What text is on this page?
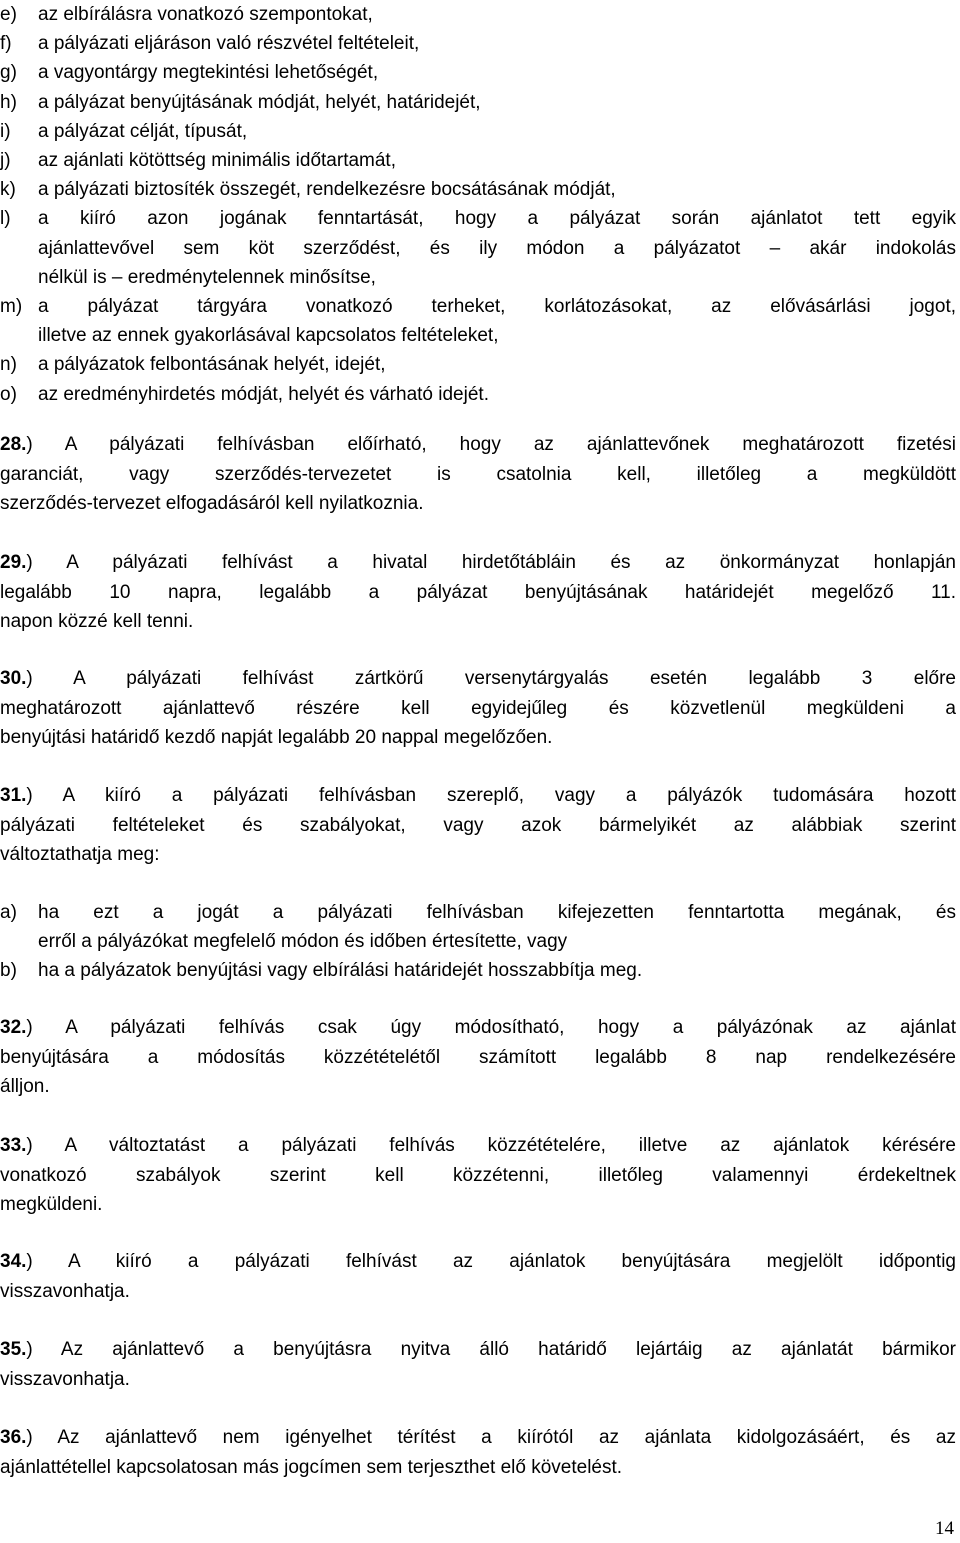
e) az elbírálásra vonatkozó szempontokat,
f) a pályázati eljáráson való részvétel feltételeit,
g) a vagyontárgy megtekintési lehetőségét,
h) a pályázat benyújtásának módját, helyét, határidejét,
i) a pályázat célját, típusát,
j) az ajánlati kötöttség minimális időtartamát,
k) a pályázati biztosíték összegét, rendelkezésre bocsátásának módját,
l) a kiíró azon jogának fenntartását, hogy a pályázat során ajánlatot tett egyik
ajánlattevővel sem köt szerződést, és ily módon a pályázatot – akár indokolás
nélkül is – eredménytelennek minősítse,
m) a pályázat tárgyára vonatkozó terheket, korlátozásokat, az elővásárlási jogot,
illetve az ennek gyakorlásával kapcsolatos feltételeket,
n) a pályázatok felbontásának helyét, idejét,
o) az eredményhirdetés módját, helyét és várható idejét.
28.) A pályázati felhívásban előírható, hogy az ajánlattevőnek meghatározott fizetési
garanciát, vagy szerződés-tervezetet is csatolnia kell, illetőleg a megküldött
szerződés-tervezet elfogadásáról kell nyilatkoznia.
29.) A pályázati felhívást a hivatal hirdetőtábláin és az önkormányzat honlapján
legalább 10 napra, legalább a pályázat benyújtásának határidejét megelőző 11.
napon közzé kell tenni.
30.) A pályázati felhívást zártkörű versenytárgyalás esetén legalább 3 előre
meghatározott ajánlattevő részére kell egyidejűleg és közvetlenül megküldeni a
benyújtási határidő kezdő napját legalább 20 nappal megelőzően.
31.) A kiíró a pályázati felhívásban szereplő, vagy a pályázók tudomására hozott
pályázati feltételeket és szabályokat, vagy azok bármelyikét az alábbiak szerint
változtathatja meg:
a) ha ezt a jogát a pályázati felhívásban kifejezetten fenntartotta megának, és
erről a pályázókat megfelelő módon és időben értesítette, vagy
b) ha a pályázatok benyújtási vagy elbírálási határidejét hosszabbítja meg.
32.) A pályázati felhívás csak úgy módosítható, hogy a pályázónak az ajánlat
benyújtására a módosítás közzétételétől számított legalább 8 nap rendelkezésére
álljon.
33.) A változtatást a pályázati felhívás közzétételére, illetve az ajánlatok kérésére
vonatkozó szabályok szerint kell közzétenni, illetőleg valamennyi érdekeltnek
megküldeni.
34.) A kiíró a pályázati felhívást az ajánlatok benyújtására megjelölt időpontig
visszavonhatja.
35.) Az ajánlattevő a benyújtásra nyitva álló határidő lejártáig az ajánlatát bármikor
visszavonhatja.
36.) Az ajánlattevő nem igényelhet térítést a kiírótól az ajánlata kidolgozásáért, és az
ajánlattétellel kapcsolatosan más jogcímen sem terjeszthet elő követelést.
14
